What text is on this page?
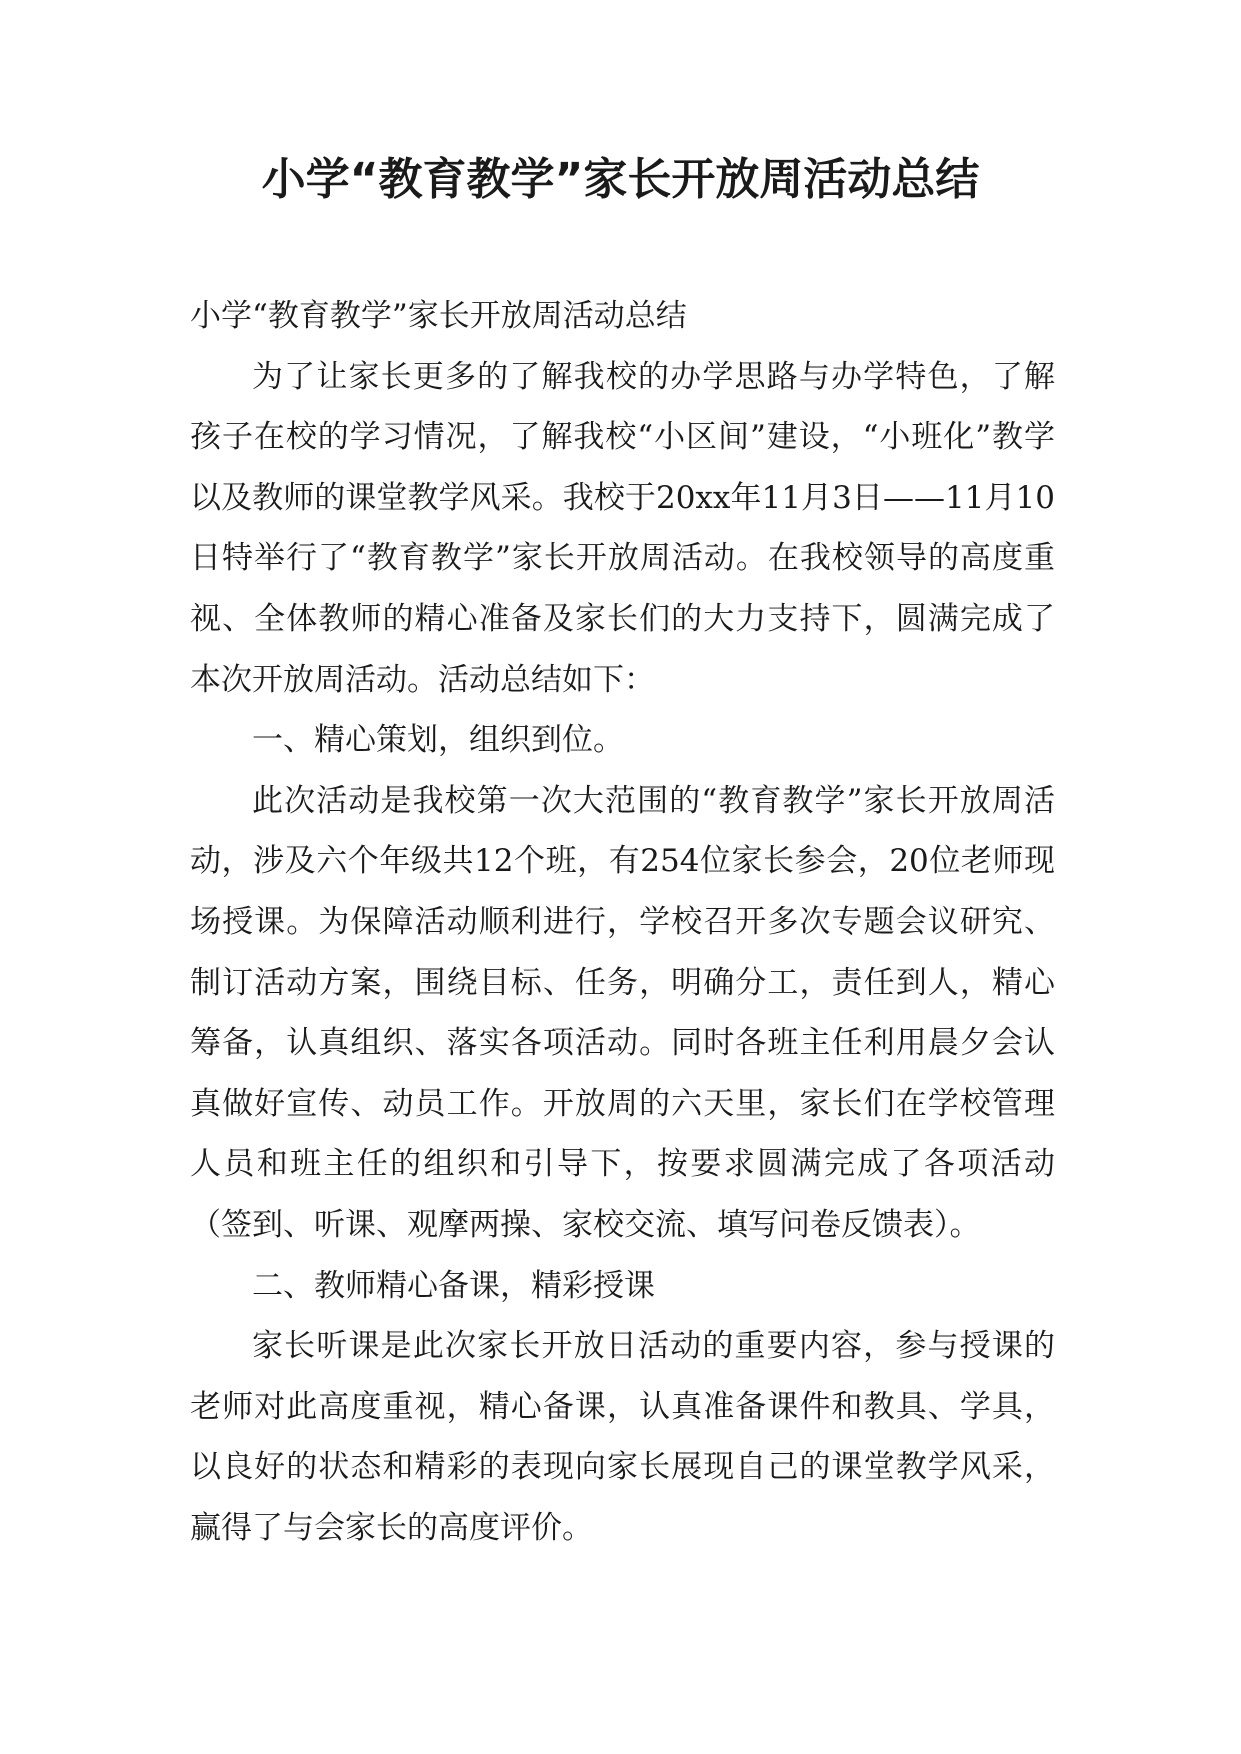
小学“教育教学”家长开放周活动总结

小学“教育教学”家长开放周活动总结

为了让家长更多的了解我校的办学思路与办学特色，了解孩子在校的学习情况，了解我校“小区间”建设，“小班化”教学以及教师的课堂教学风采。我校于20xx年11月3日——11月10日特举行了“教育教学”家长开放周活动。在我校领导的高度重视、全体教师的精心准备及家长们的大力支持下，圆满完成了本次开放周活动。活动总结如下：

一、精心策划，组织到位。

此次活动是我校第一次大范围的“教育教学”家长开放周活动，涉及六个年级共12个班，有254位家长参会，20位老师现场授课。为保障活动顺利进行，学校召开多次专题会议研究、制订活动方案，围绕目标、任务，明确分工，责任到人，精心筹备，认真组织、落实各项活动。同时各班主任利用晨夕会认真做好宣传、动员工作。开放周的六天里，家长们在学校管理人员和班主任的组织和引导下，按要求圆满完成了各项活动（签到、听课、观摩两操、家校交流、填写问卷反馈表）。

二、教师精心备课，精彩授课

家长听课是此次家长开放日活动的重要内容，参与授课的老师对此高度重视，精心备课，认真准备课件和教具、学具，以良好的状态和精彩的表现向家长展现自己的课堂教学风采，赢得了与会家长的高度评价。
